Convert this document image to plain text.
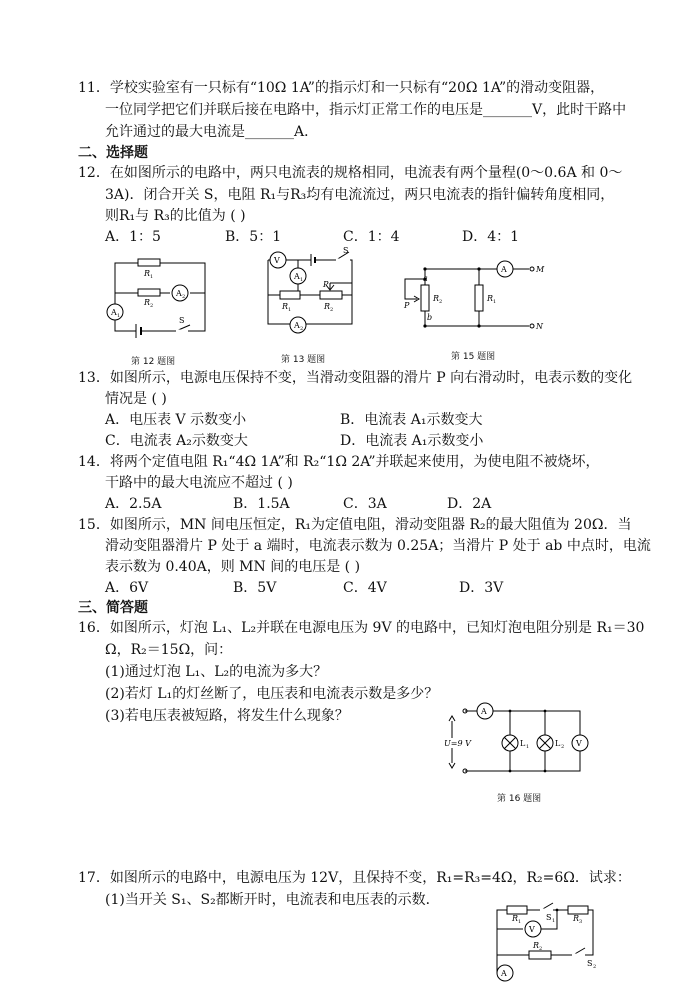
11．学校实验室有一只标有“10Ω 1A”的指示灯和一只标有“20Ω 1A”的滑动变阻器，
一位同学把它们并联后接在电路中，指示灯正常工作的电压是_______V，此时干路中
允许通过的最大电流是_______A．
二、选择题
12．在如图所示的电路中，两只电流表的规格相同，电流表有两个量程(0～0.6A 和 0～
3A)．闭合开关 S，电阻 R₁与R₃均有电流流过，两只电流表的指针偏转角度相同，
则R₁与 R₃的比值为 ( )
A．1：5	B．5：1	C．1：4	D．4：1
R 1
R 2
A 2
A 1	S
第 12 题图
V
A 1
A 2
S
P
R 1	R 2
第 13 题图
A
a
b
P
R 2	R 1
M
N
第 15 题图
13．如图所示，电源电压保持不变，当滑动变阻器的滑片 P 向右滑动时，电表示数的变化
情况是 ( )
A．电压表 V 示数变小	B．电流表 A₁示数变大
C．电流表 A₂示数变大	D．电流表 A₁示数变小
14．将两个定值电阻 R₁“4Ω 1A”和 R₂“1Ω 2A”并联起来使用，为使电阻不被烧坏，
干路中的最大电流应不超过 ( )
A．2.5A	B．1.5A	C．3A	D．2A
15．如图所示，MN 间电压恒定，R₁为定值电阻，滑动变阻器 R₂的最大阻值为 20Ω．当
滑动变阻器滑片 P 处于 a 端时，电流表示数为 0.25A；当滑片 P 处于 ab 中点时，电流
表示数为 0.40A，则 MN 间的电压是 ( )
A．6V	B．5V	C．4V	D．3V
三、简答题
16．如图所示，灯泡 L₁、L₂并联在电源电压为 9V 的电路中，已知灯泡电阻分别是 R₁＝30
Ω，R₂＝15Ω，问：
(1)通过灯泡 L₁、L₂的电流为多大？
(2)若灯 L₁的灯丝断了，电压表和电流表示数是多少？
(3)若电压表被短路，将发生什么现象？
U=9 V
A
L 1	L 2 V
第 16 题图
17．如图所示的电路中，电源电压为 12V，且保持不变，R₁=R₃=4Ω，R₂=6Ω．试求：
(1)当开关 S₁、S₂都断开时，电流表和电压表的示数．
R 1	R 3
R 2
V
A
S 1
S 2
